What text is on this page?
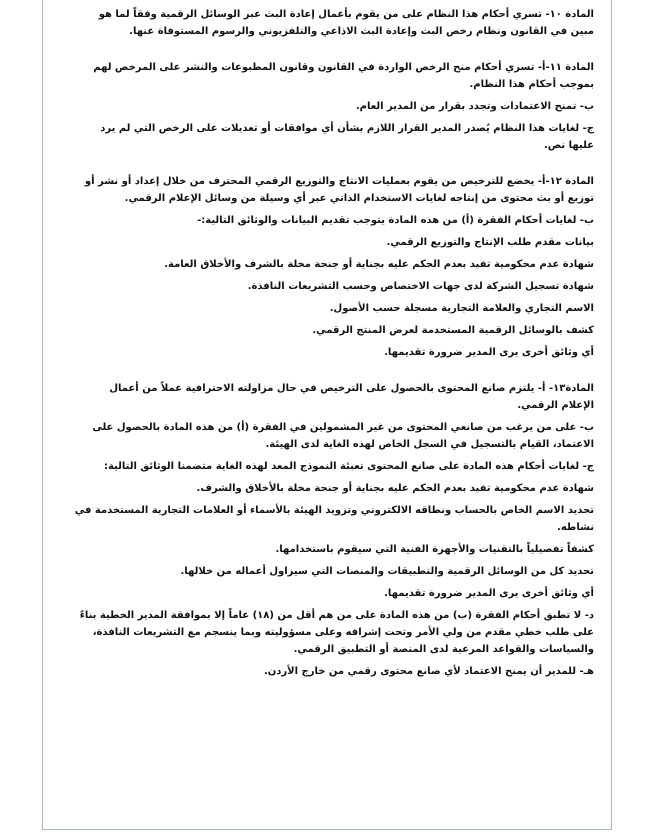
المادة ١٠- تسري أحكام هذا النظام على من يقوم بأعمال إعادة البث عبر الوسائل الرقمية وفقاً لما هو مبين في القانون ونظام رخص البث وإعادة البث الاذاعي والتلفزيوني والرسوم المستوفاة عنها.

المادة ١١-أ- تسري أحكام منح الرخص الواردة في القانون وقانون المطبوعات والنشر على المرخص لهم بموجب أحكام هذا النظام.

ب- تمنح الاعتمادات وتجدد بقرار من المدير العام.

ج- لغايات هذا النظام يُصدر المدير القرار اللازم بشأن أي موافقات أو تعديلات على الرخص التي لم يرد عليها نص.

المادة ١٢-أ- يخضع للترخيص من يقوم بعمليات الانتاج والتوزيع الرقمي المحترف من خلال إعداد أو نشر أو توزيع أو بث محتوى من إنتاجه لغايات الاستخدام الذاتي عبر أي وسيلة من وسائل الإعلام الرقمي.

ب- لغايات أحكام الفقرة (أ) من هذه المادة يتوجب تقديم البيانات والوثائق التالية:-

بيانات مقدم طلب الإنتاج والتوزيع الرقمي.

شهادة عدم محكومية تفيد بعدم الحكم عليه بجناية أو جنحة مخلة بالشرف والأخلاق العامة.

شهادة تسجيل الشركة لدى جهات الاختصاص وحسب التشريعات النافذة.

الاسم التجاري والعلامة التجارية مسجلة حسب الأصول.

كشف بالوسائل الرقمية المستخدمة لعرض المنتج الرقمي.

أي وثائق أخرى يرى المدير ضرورة تقديمها.

المادة١٣- أ- يلتزم صانع المحتوى بالحصول على الترخيص في حال مزاولته الاحترافية عملاً من أعمال الإعلام الرقمي.

ب- على من يرغب من صانعي المحتوى من غير المشمولين في الفقرة (أ) من هذه المادة بالحصول على الاعتماد، القيام بالتسجيل في السجل الخاص لهذه الغاية لدى الهيئة.

ج- لغايات أحكام هذه المادة على صانع المحتوى تعبئة النموذج المعد لهذه الغاية متضمنا الوثائق التالية:

شهادة عدم محكومية تفيد بعدم الحكم عليه بجناية أو جنحة مخلة بالأخلاق والشرف.

تحديد الاسم الخاص بالحساب ونطاقه الالكتروني وتزويد الهيئة بالأسماء أو العلامات التجارية المستخدمة في نشاطه.

كشفاً تفصيلياً بالتقنيات والأجهزة الفنية التي سيقوم باستخدامها.

تحديد كل من الوسائل الرقمية والتطبيقات والمنصات التي سيزاول أعماله من خلالها.

أي وثائق أخرى يرى المدير ضرورة تقديمها.

د- لا تطبق أحكام الفقرة (ب) من هذه المادة على من هم أقل من (١٨) عاماً إلا بموافقة المدير الخطية بناءً على طلب خطي مقدم من ولي الأمر وتحت إشرافه وعلى مسؤوليته وبما ينسجم مع التشريعات النافذة، والسياسات والقواعد المرعية لدى المنصة أو التطبيق الرقمي.

هـ- للمدير أن يمنح الاعتماد لأي صانع محتوى رقمي من خارج الأردن.
